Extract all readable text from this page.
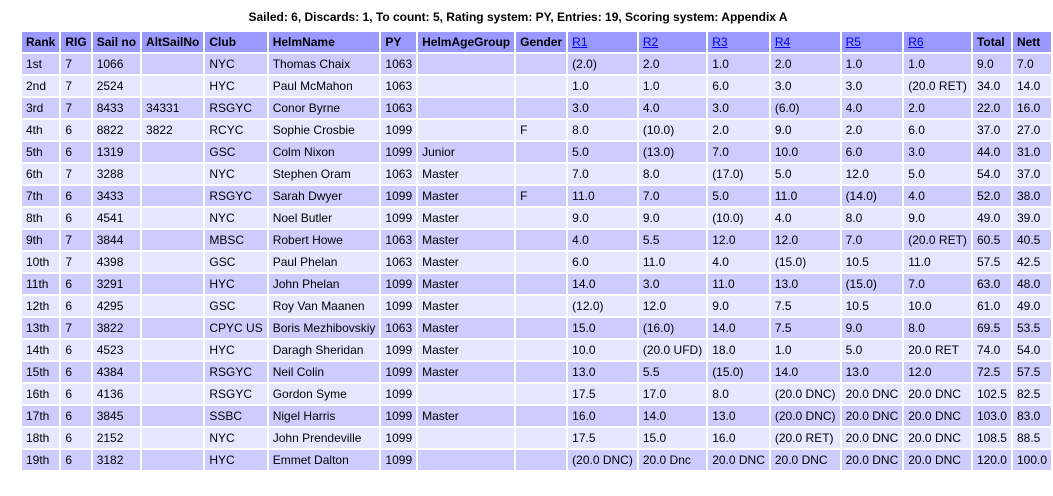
Sailed: 6, Discards: 1, To count: 5, Rating system: PY, Entries: 19, Scoring system: Appendix A
Rank	RIG	Sail no	AltSailNo	Club	HelmName	PY	HelmAgeGroup	Gender	R1	R2	R3	R4	R5	R6	Total	Nett
1st	7	1066		NYC	Thomas Chaix	1063			(2.0)	2.0	1.0	2.0	1.0	1.0	9.0	7.0
2nd	7	2524		HYC	Paul McMahon	1063			1.0	1.0	6.0	3.0	3.0	(20.0 RET)	34.0	14.0
3rd	7	8433	34331	RSGYC	Conor Byrne	1063			3.0	4.0	3.0	(6.0)	4.0	2.0	22.0	16.0
4th	6	8822	3822	RCYC	Sophie Crosbie	1099		F	8.0	(10.0)	2.0	9.0	2.0	6.0	37.0	27.0
5th	6	1319		GSC	Colm Nixon	1099	Junior		5.0	(13.0)	7.0	10.0	6.0	3.0	44.0	31.0
6th	7	3288		NYC	Stephen Oram	1063	Master		7.0	8.0	(17.0)	5.0	12.0	5.0	54.0	37.0
7th	6	3433		RSGYC	Sarah Dwyer	1099	Master	F	11.0	7.0	5.0	11.0	(14.0)	4.0	52.0	38.0
8th	6	4541		NYC	Noel Butler	1099	Master		9.0	9.0	(10.0)	4.0	8.0	9.0	49.0	39.0
9th	7	3844		MBSC	Robert Howe	1063	Master		4.0	5.5	12.0	12.0	7.0	(20.0 RET)	60.5	40.5
10th	7	4398		GSC	Paul Phelan	1063	Master		6.0	11.0	4.0	(15.0)	10.5	11.0	57.5	42.5
11th	6	3291		HYC	John Phelan	1099	Master		14.0	3.0	11.0	13.0	(15.0)	7.0	63.0	48.0
12th	6	4295		GSC	Roy Van Maanen	1099	Master		(12.0)	12.0	9.0	7.5	10.5	10.0	61.0	49.0
13th	7	3822		CPYC US	Boris Mezhibovskiy	1063	Master		15.0	(16.0)	14.0	7.5	9.0	8.0	69.5	53.5
14th	6	4523		HYC	Daragh Sheridan	1099	Master		10.0	(20.0 UFD)	18.0	1.0	5.0	20.0 RET	74.0	54.0
15th	6	4384		RSGYC	Neil Colin	1099	Master		13.0	5.5	(15.0)	14.0	13.0	12.0	72.5	57.5
16th	6	4136		RSGYC	Gordon Syme	1099			17.5	17.0	8.0	(20.0 DNC)	20.0 DNC	20.0 DNC	102.5	82.5
17th	6	3845		SSBC	Nigel Harris	1099	Master		16.0	14.0	13.0	(20.0 DNC)	20.0 DNC	20.0 DNC	103.0	83.0
18th	6	2152		NYC	John Prendeville	1099			17.5	15.0	16.0	(20.0 RET)	20.0 DNC	20.0 DNC	108.5	88.5
19th	6	3182		HYC	Emmet Dalton	1099			(20.0 DNC)	20.0 Dnc	20.0 DNC	20.0 DNC	20.0 DNC	20.0 DNC	120.0	100.0
